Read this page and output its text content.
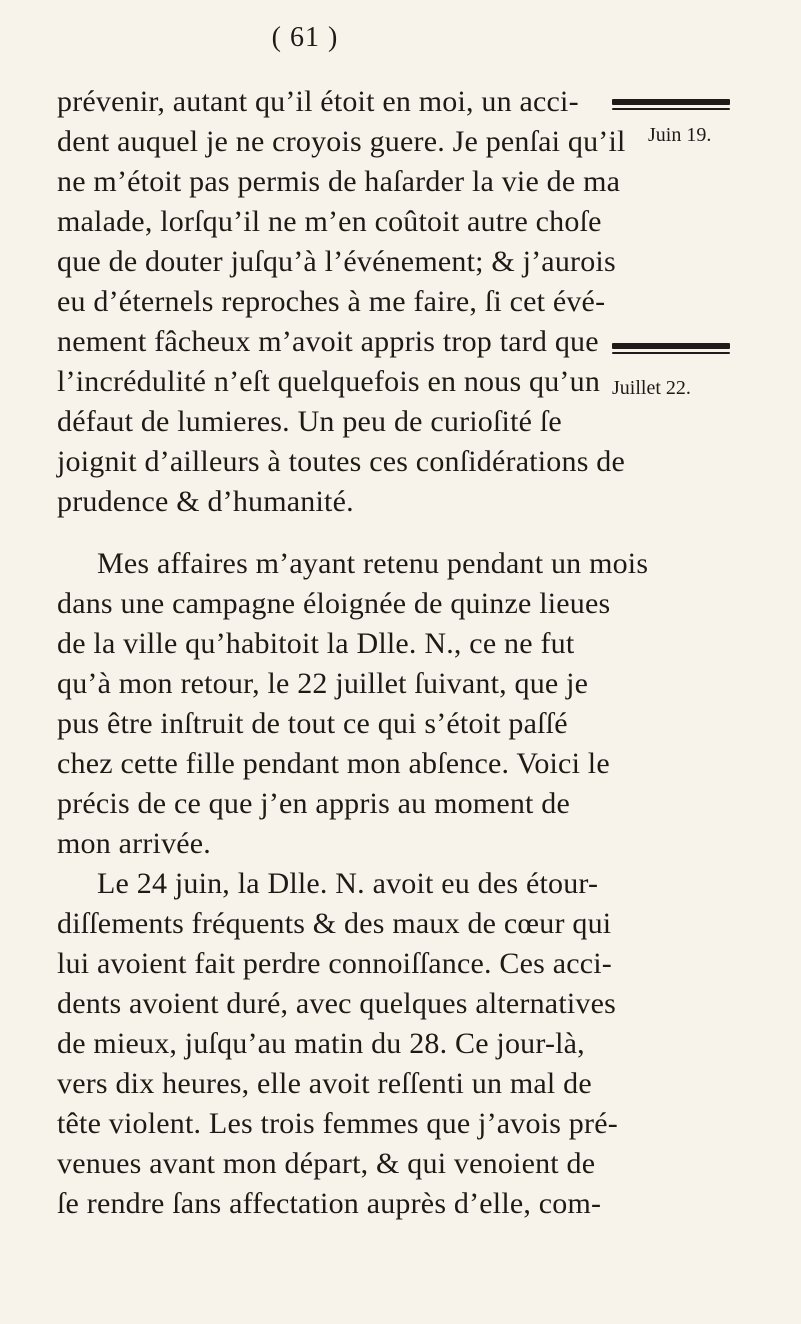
( 61 )
Juin 19.
Juillet 22.
prévenir, autant qu’il étoit en moi, un acci-
dent auquel je ne croyois guere. Je penſai qu’il
ne m’étoit pas permis de haſarder la vie de ma
malade, lorſqu’il ne m’en coûtoit autre choſe
que de douter juſqu’à l’événement; & j’aurois
eu d’éternels reproches à me faire, ſi cet évé-
nement fâcheux m’avoit appris trop tard que
l’incrédulité n’eſt quelquefois en nous qu’un
défaut de lumieres. Un peu de curioſité ſe
joignit d’ailleurs à toutes ces conſidérations de
prudence & d’humanité.
Mes affaires m’ayant retenu pendant un mois
dans une campagne éloignée de quinze lieues
de la ville qu’habitoit la Dlle. N., ce ne fut
qu’à mon retour, le 22 juillet ſuivant, que je
pus être inſtruit de tout ce qui s’étoit paſſé
chez cette fille pendant mon abſence. Voici le
précis de ce que j’en appris au moment de
mon arrivée.
Le 24 juin, la Dlle. N. avoit eu des étour-
diſſements fréquents & des maux de cœur qui
lui avoient fait perdre connoiſſance. Ces acci-
dents avoient duré, avec quelques alternatives
de mieux, juſqu’au matin du 28. Ce jour-là,
vers dix heures, elle avoit reſſenti un mal de
tête violent. Les trois femmes que j’avois pré-
venues avant mon départ, & qui venoient de
ſe rendre ſans affectation auprès d’elle, com-
